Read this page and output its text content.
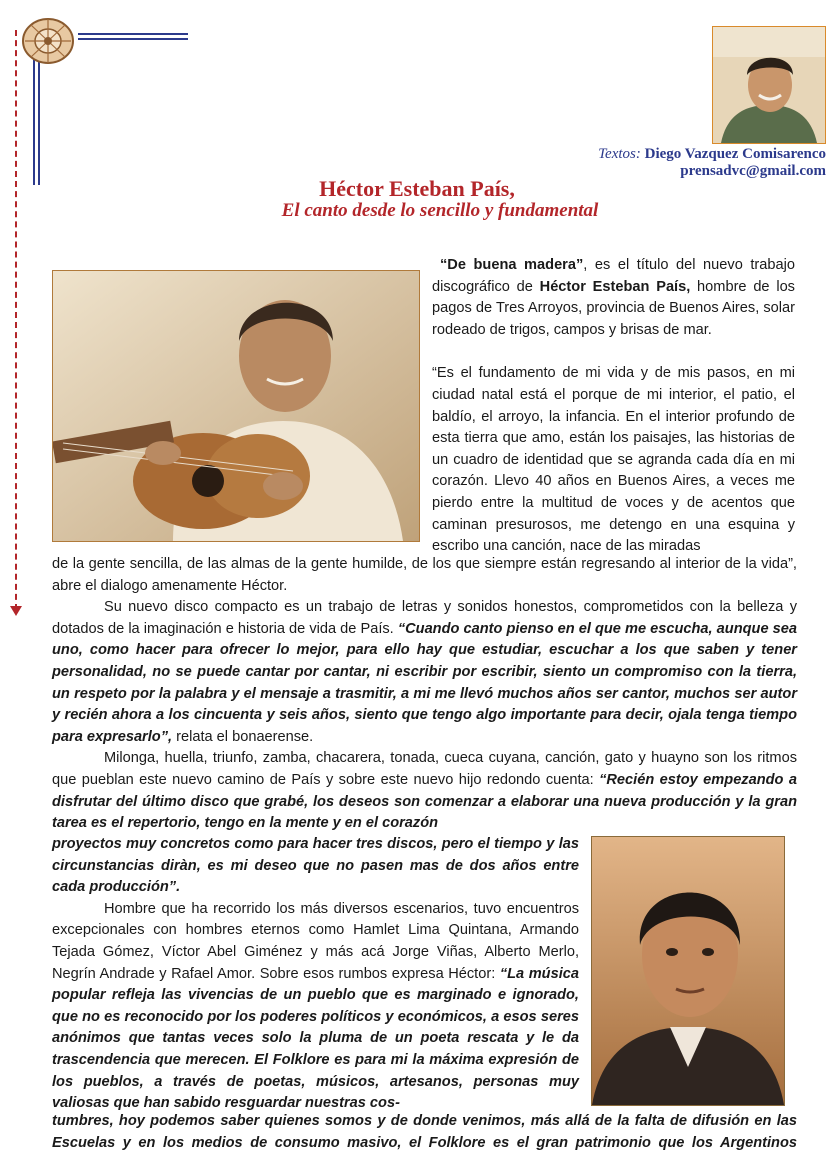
Textos: Diego Vazquez Comisarenco
prensadvc@gmail.com
Héctor Esteban País,
El canto desde lo sencillo y fundamental

“De buena madera”, es el título del nuevo trabajo discográfico de Héctor Esteban País, hombre de los pagos de Tres Arroyos, provincia de Buenos Aires, solar rodeado de trigos, campos y brisas de mar.

“Es el fundamento de mi vida y de mis pasos, en mi ciudad natal está el porque de mi interior, el patio, el baldío, el arroyo, la infancia. En el interior profundo de esta tierra que amo, están los paisajes, las historias de un cuadro de identidad que se agranda cada día en mi corazón. Llevo 40 años en Buenos Aires, a veces me pierdo entre la multitud de voces y de acentos que caminan presurosos, me detengo en una esquina y escribo una canción, nace de las miradas

de la gente sencilla, de las almas de la gente humilde, de los que siempre están regresando al interior de la vida”, abre el dialogo amenamente Héctor.

Su nuevo disco compacto es un trabajo de letras y sonidos honestos, comprometidos con la belleza y dotados de la imaginación e historia de vida de País. “Cuando canto pienso en el que me escucha, aunque sea uno, como hacer para ofrecer lo mejor, para ello hay que estudiar, escuchar a los que saben y tener personalidad, no se puede cantar por cantar, ni escribir por escribir, siento un compromiso con la tierra, un respeto por la palabra y el mensaje a trasmitir, a mi me llevó muchos años ser cantor, muchos ser autor y recién ahora a los cincuenta y seis años, siento que tengo algo importante para decir, ojala tenga tiempo para expresarlo”, relata el bonaerense.

Milonga, huella, triunfo, zamba, chacarera, tonada, cueca cuyana, canción, gato y huayno son los ritmos que pueblan este nuevo camino de País y sobre este nuevo hijo redondo cuenta: “Recién estoy empezando a disfrutar del último disco que grabé, los deseos son comenzar a elaborar una nueva producción y la gran tarea es el repertorio, tengo en la mente y en el corazón

proyectos muy concretos como para hacer tres discos, pero el tiempo y las circunstancias diràn, es mi deseo que no pasen mas de dos años entre cada producción”.

Hombre que ha recorrido los más diversos escenarios, tuvo encuentros excepcionales con hombres eternos como Hamlet Lima Quintana, Armando Tejada Gómez, Víctor Abel Giménez y más acá Jorge Viñas, Alberto Merlo, Negrín Andrade y Rafael Amor. Sobre esos rumbos expresa Héctor: “La música popular refleja las vivencias de un pueblo que es marginado e ignorado, que no es reconocido por los poderes políticos y económicos, a esos seres anónimos que tantas veces solo la pluma de un poeta rescata y le da trascendencia que merecen. El Folklore es para mi la máxima expresión de los pueblos, a través de poetas, músicos, artesanos, personas muy valiosas que han sabido resguardar nuestras cos-

tumbres, hoy podemos saber quienes somos y de donde venimos, más allá de la falta de difusión en las Escuelas y en los medios de consumo masivo, el Folklore es el gran patrimonio que los Argentinos
